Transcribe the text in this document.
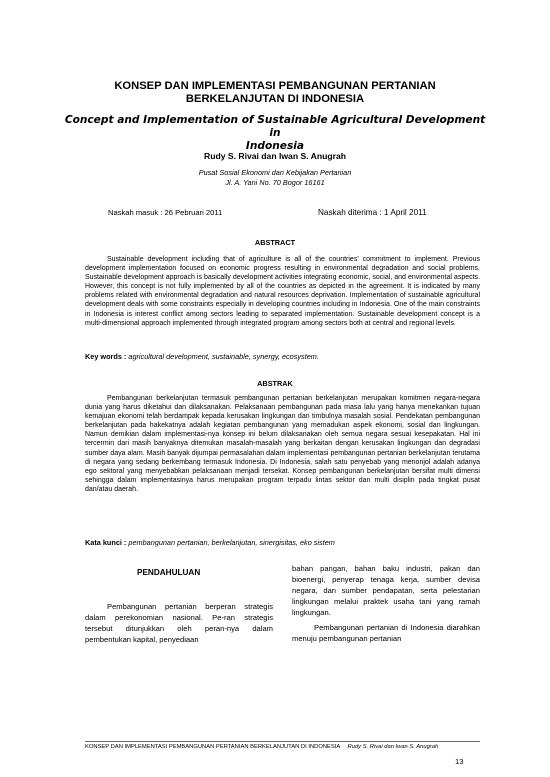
KONSEP DAN IMPLEMENTASI PEMBANGUNAN PERTANIAN
BERKELANJUTAN DI INDONESIA
Concept and Implementation of Sustainable Agricultural Development in
Indonesia
Rudy S. Rivai dan Iwan S. Anugrah
Pusat Sosial Ekonomi dan Kebijakan Pertanian
Jl. A. Yani No. 70 Bogor 16161
Naskah masuk : 26 Pebruari 2011	Naskah diterima : 1 April 2011
ABSTRACT

Sustainable development including that of agriculture is all of the countries' commitment to implement. Previous development implementation focused on economic progress resulting in environmental degradation and social problems. Sustainable development approach is basically development activities integrating economic, social, and environmental aspects. However, this concept is not fully implemented by all of the countries as depicted in the agreement. It is indicated by many problems related with environmental degradation and natural resources deprivation. Implementation of sustainable agricultural development deals with some constraints especially in developing countries including in Indonesia. One of the main constraints in Indonesia is interest conflict among sectors leading to separated implementation. Sustainable development concept is a multi-dimensional approach implemented through integrated program among sectors both at central and regional levels.

Key words : agricultural development, sustainable, synergy, ecosystem.
ABSTRAK

Pembangunan berkelanjutan termasuk pembangunan pertanian berkelanjutan merupakan komitmen negara-negara dunia yang harus diketahui dan dilaksanakan. Pelaksanaan pembangunan pada masa lalu yang hanya menekankan tujuan kemajuan ekonomi telah berdampak kepada kerusakan lingkungan dan timbulnya masalah sosial. Pendekatan pembangunan berkelanjutan pada hakekatnya adalah kegiatan pembangunan yang memadukan aspek ekonomi, sosial dan lingkungan. Namun demikian dalam implementasi-nya konsep ini belum dilaksanakan oleh semua negara sesuai kesepakatan. Hal ini tercermin dari masih banyaknya ditemukan masalah-masalah yang berkaitan dengan kerusakan lingkungan dan degradasi sumber daya alam. Masih banyak dijumpai permasalahan dalam implementasi pembangunan pertanian berkelanjutan terutama di negara yang sedang berkembang termasuk Indonesia. Di Indonesia, salah satu penyebab yang menonjol adalah adanya ego sektoral yang menyebabkan pelaksanaan menjadi tersekat. Konsep pembangunan berkelanjutan bersifat multi dimensi sehingga dalam implementasinya harus merupakan program terpadu lintas sektor dan multi disiplin pada tingkat pusat dan/atau daerah.

Kata kunci : pembangunan pertanian, berkelanjutan, sinergisitas, eko sistem
PENDAHULUAN

Pembangunan pertanian berperan strategis dalam perekonomian nasional. Pe-ran strategis tersebut ditunjukkan oleh peran-nya dalam pembentukan kapital, penyediaan

bahan pangan, bahan baku industri, pakan dan bioenergi, penyerap tenaga kerja, sumber devisa negara, dan sumber pendapatan, serta pelestarian lingkungan melalui praktek usaha tani yang ramah lingkungan.

Pembangunan pertanian di Indonesia diarahkan menuju pembangunan pertanian

KONSEP DAN IMPLEMENTASI PEMBANGUNAN PERTANIAN BERKELANJUTAN DI INDONESIA Rudy S. Rivai dan Iwan S. Anugrah
13
